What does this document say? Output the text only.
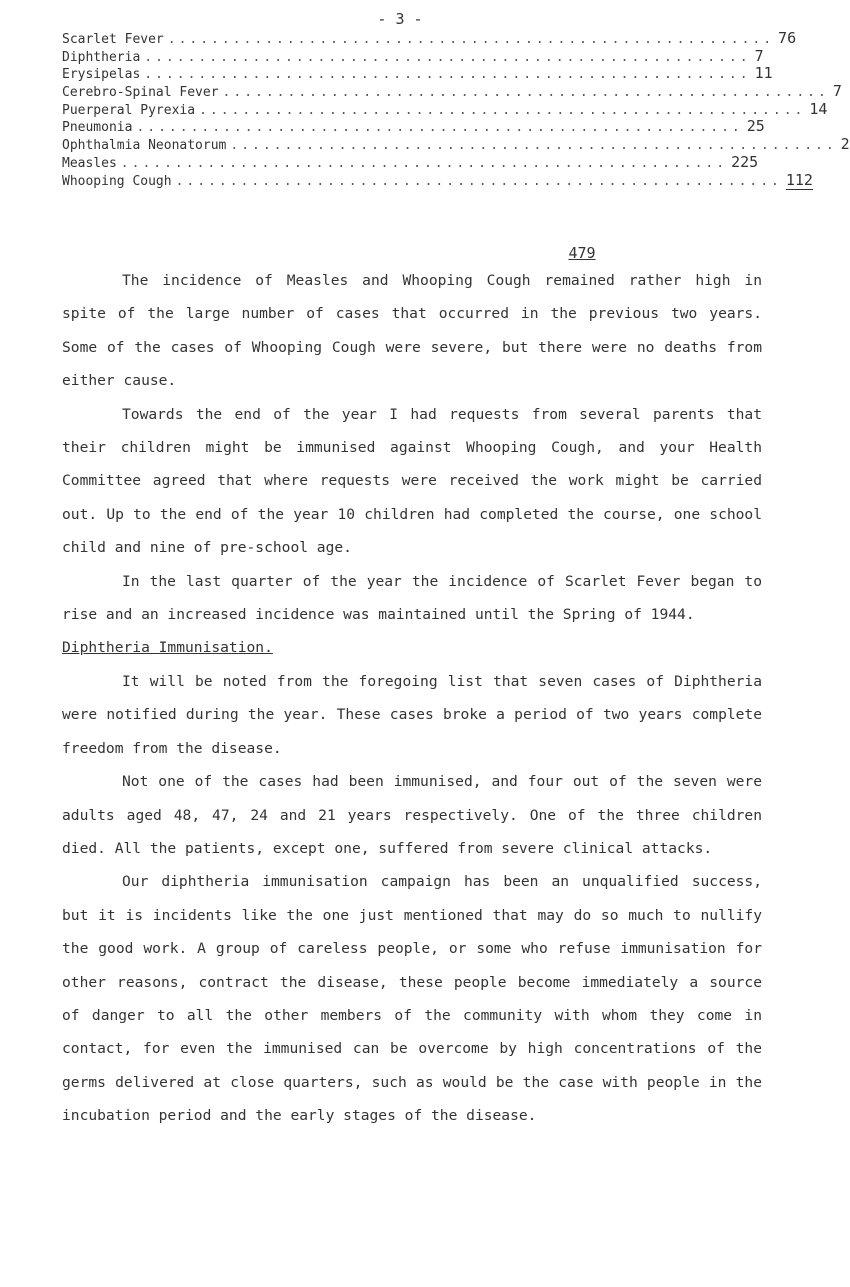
- 3 -
Scarlet Fever ........................................................ 76
Diphtheria ........................................................ 7
Erysipelas ........................................................ 11
Cerebro-Spinal Fever ........................................................ 7
Puerperal Pyrexia ........................................................ 14
Pneumonia ........................................................ 25
Ophthalmia Neonatorum ........................................................ 2
Measles ........................................................ 225
Whooping Cough ........................................................ 112
479

The incidence of Measles and Whooping Cough remained rather high in spite of the large number of cases that occurred in the previous two years. Some of the cases of Whooping Cough were severe, but there were no deaths from either cause.

Towards the end of the year I had requests from several parents that their children might be immunised against Whooping Cough, and your Health Committee agreed that where requests were received the work might be carried out. Up to the end of the year 10 children had completed the course, one school child and nine of pre-school age.

In the last quarter of the year the incidence of Scarlet Fever began to rise and an increased incidence was maintained until the Spring of 1944.

Diphtheria Immunisation.

It will be noted from the foregoing list that seven cases of Diphtheria were notified during the year. These cases broke a period of two years complete freedom from the disease.

Not one of the cases had been immunised, and four out of the seven were adults aged 48, 47, 24 and 21 years respectively. One of the three children died. All the patients, except one, suffered from severe clinical attacks.

Our diphtheria immunisation campaign has been an unqualified success, but it is incidents like the one just mentioned that may do so much to nullify the good work. A group of careless people, or some who refuse immunisation for other reasons, contract the disease, these people become immediately a source of danger to all the other members of the community with whom they come in contact, for even the immunised can be overcome by high concentrations of the germs delivered at close quarters, such as would be the case with people in the incubation period and the early stages of the disease.
